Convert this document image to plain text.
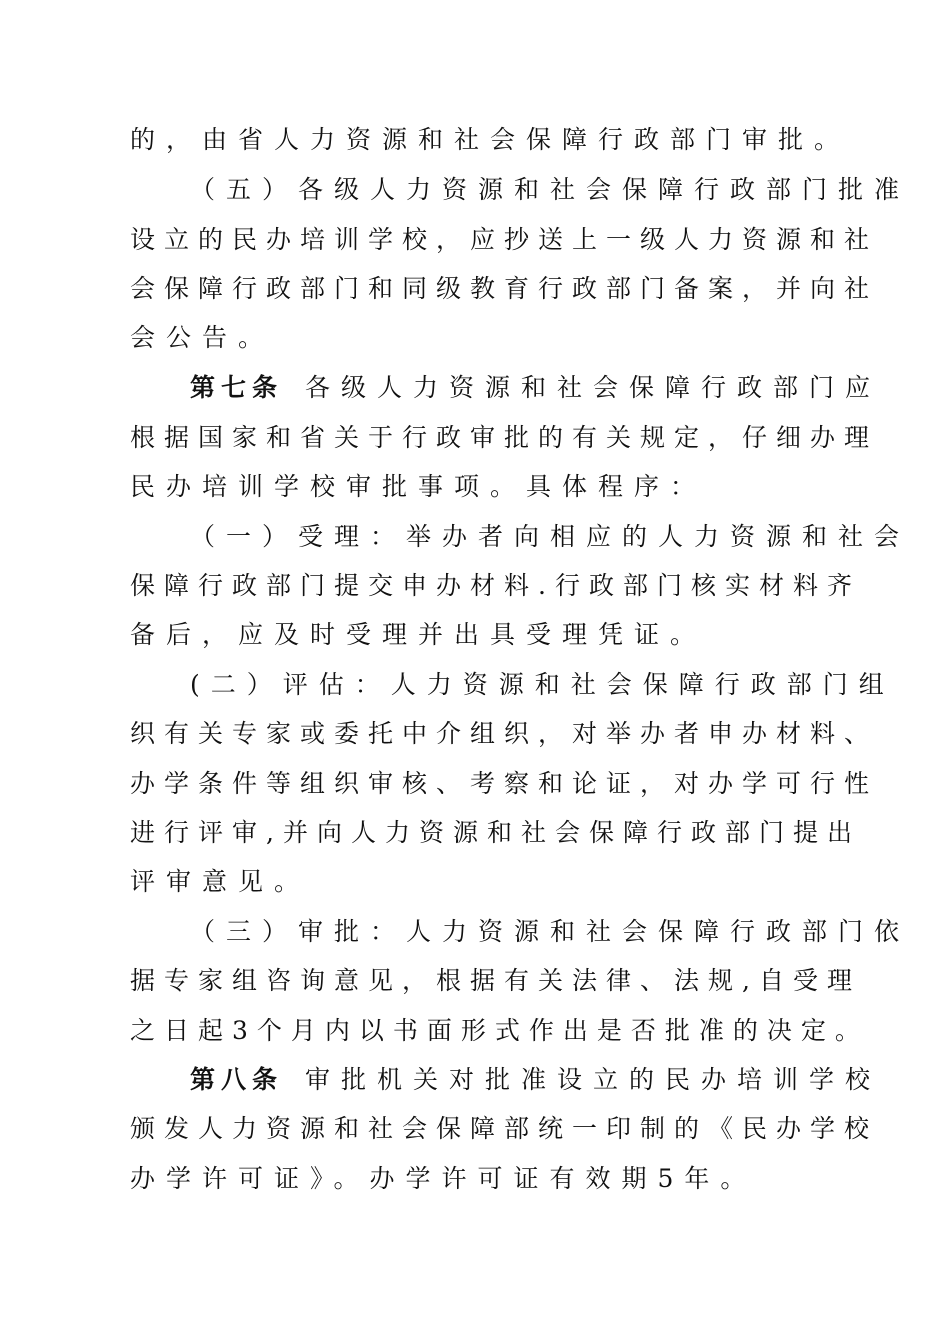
的，由省人力资源和社会保障行政部门审批。
（五）各级人力资源和社会保障行政部门批准
设立的民办培训学校，应抄送上一级人力资源和社
会保障行政部门和同级教育行政部门备案，并向社
会公告。
第七条 各级人力资源和社会保障行政部门应
根据国家和省关于行政审批的有关规定，仔细办理
民办培训学校审批事项。具体程序：
（一）受理：举办者向相应的人力资源和社会
保障行政部门提交申办材料.行政部门核实材料齐
备后，应及时受理并出具受理凭证。
(二）评估：人力资源和社会保障行政部门组
织有关专家或委托中介组织，对举办者申办材料、
办学条件等组织审核、考察和论证，对办学可行性
进行评审,并向人力资源和社会保障行政部门提出
评审意见。
（三）审批：人力资源和社会保障行政部门依
据专家组咨询意见，根据有关法律、法规,自受理
之日起3个月内以书面形式作出是否批准的决定。
第八条 审批机关对批准设立的民办培训学校
颁发人力资源和社会保障部统一印制的《民办学校
办学许可证》。办学许可证有效期5年。
